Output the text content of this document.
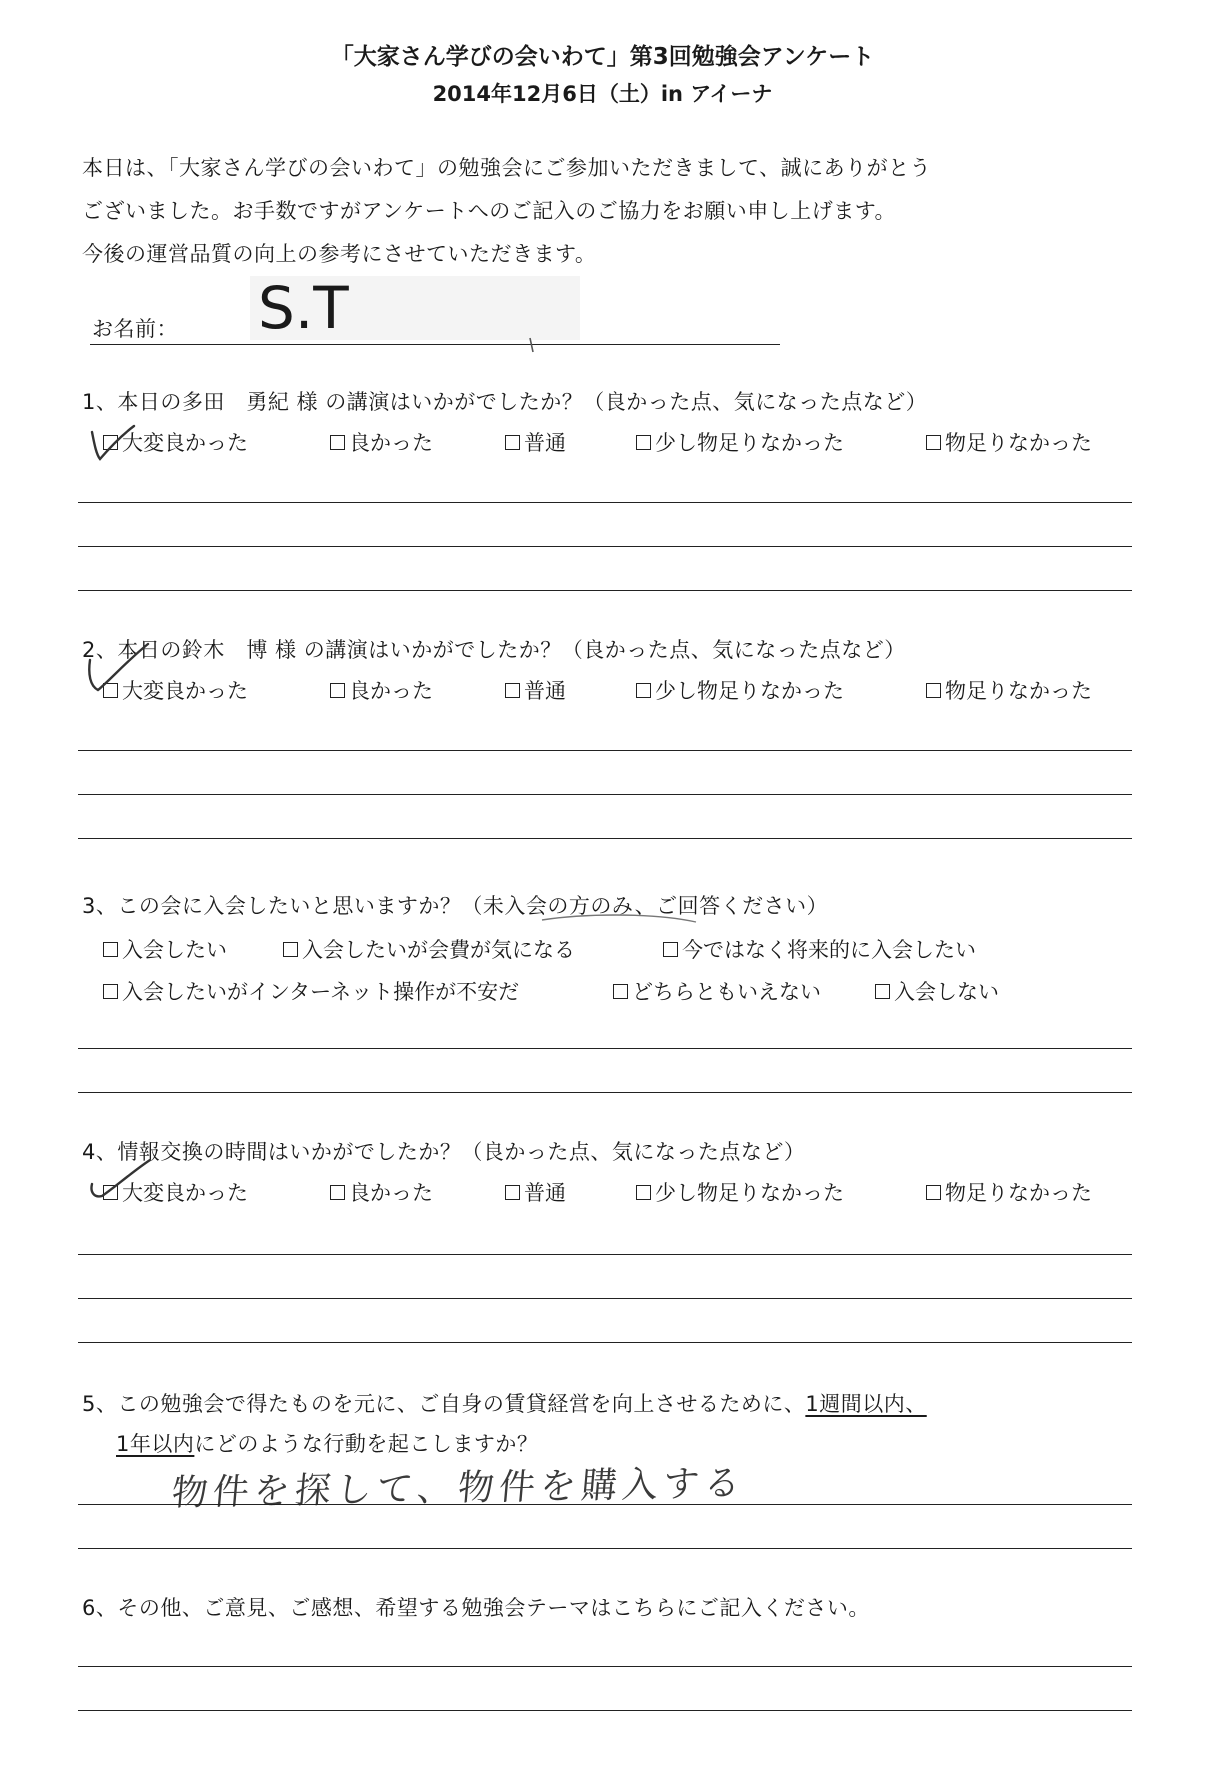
「大家さん学びの会いわて」第3回勉強会アンケート
2014年12月6日（土）in アイーナ
本日は、「大家さん学びの会いわて」の勉強会にご参加いただきまして、誠にありがとう
ございました。お手数ですがアンケートへのご記入のご協力をお願い申し上げます。
今後の運営品質の向上の参考にさせていただきます。
お名前： S.T
1、本日の多田　勇紀 様 の講演はいかがでしたか？（良かった点、気になった点など）
大変良かった	良かった	普通	少し物足りなかった	物足りなかった
2、本日の鈴木　博 様 の講演はいかがでしたか？（良かった点、気になった点など）
大変良かった	良かった	普通	少し物足りなかった	物足りなかった
3、この会に入会したいと思いますか？（未入会の方のみ、ご回答ください）
入会したい	入会したいが会費が気になる	今ではなく将来的に入会したい
入会したいがインターネット操作が不安だ	どちらともいえない	入会しない
4、情報交換の時間はいかがでしたか？（良かった点、気になった点など）
大変良かった	良かった	普通	少し物足りなかった	物足りなかった
5、この勉強会で得たものを元に、ご自身の賃貸経営を向上させるために、1週間以内、
1年以内にどのような行動を起こしますか？
物件を探して、物件を購入する
6、その他、ご意見、ご感想、希望する勉強会テーマはこちらにご記入ください。
